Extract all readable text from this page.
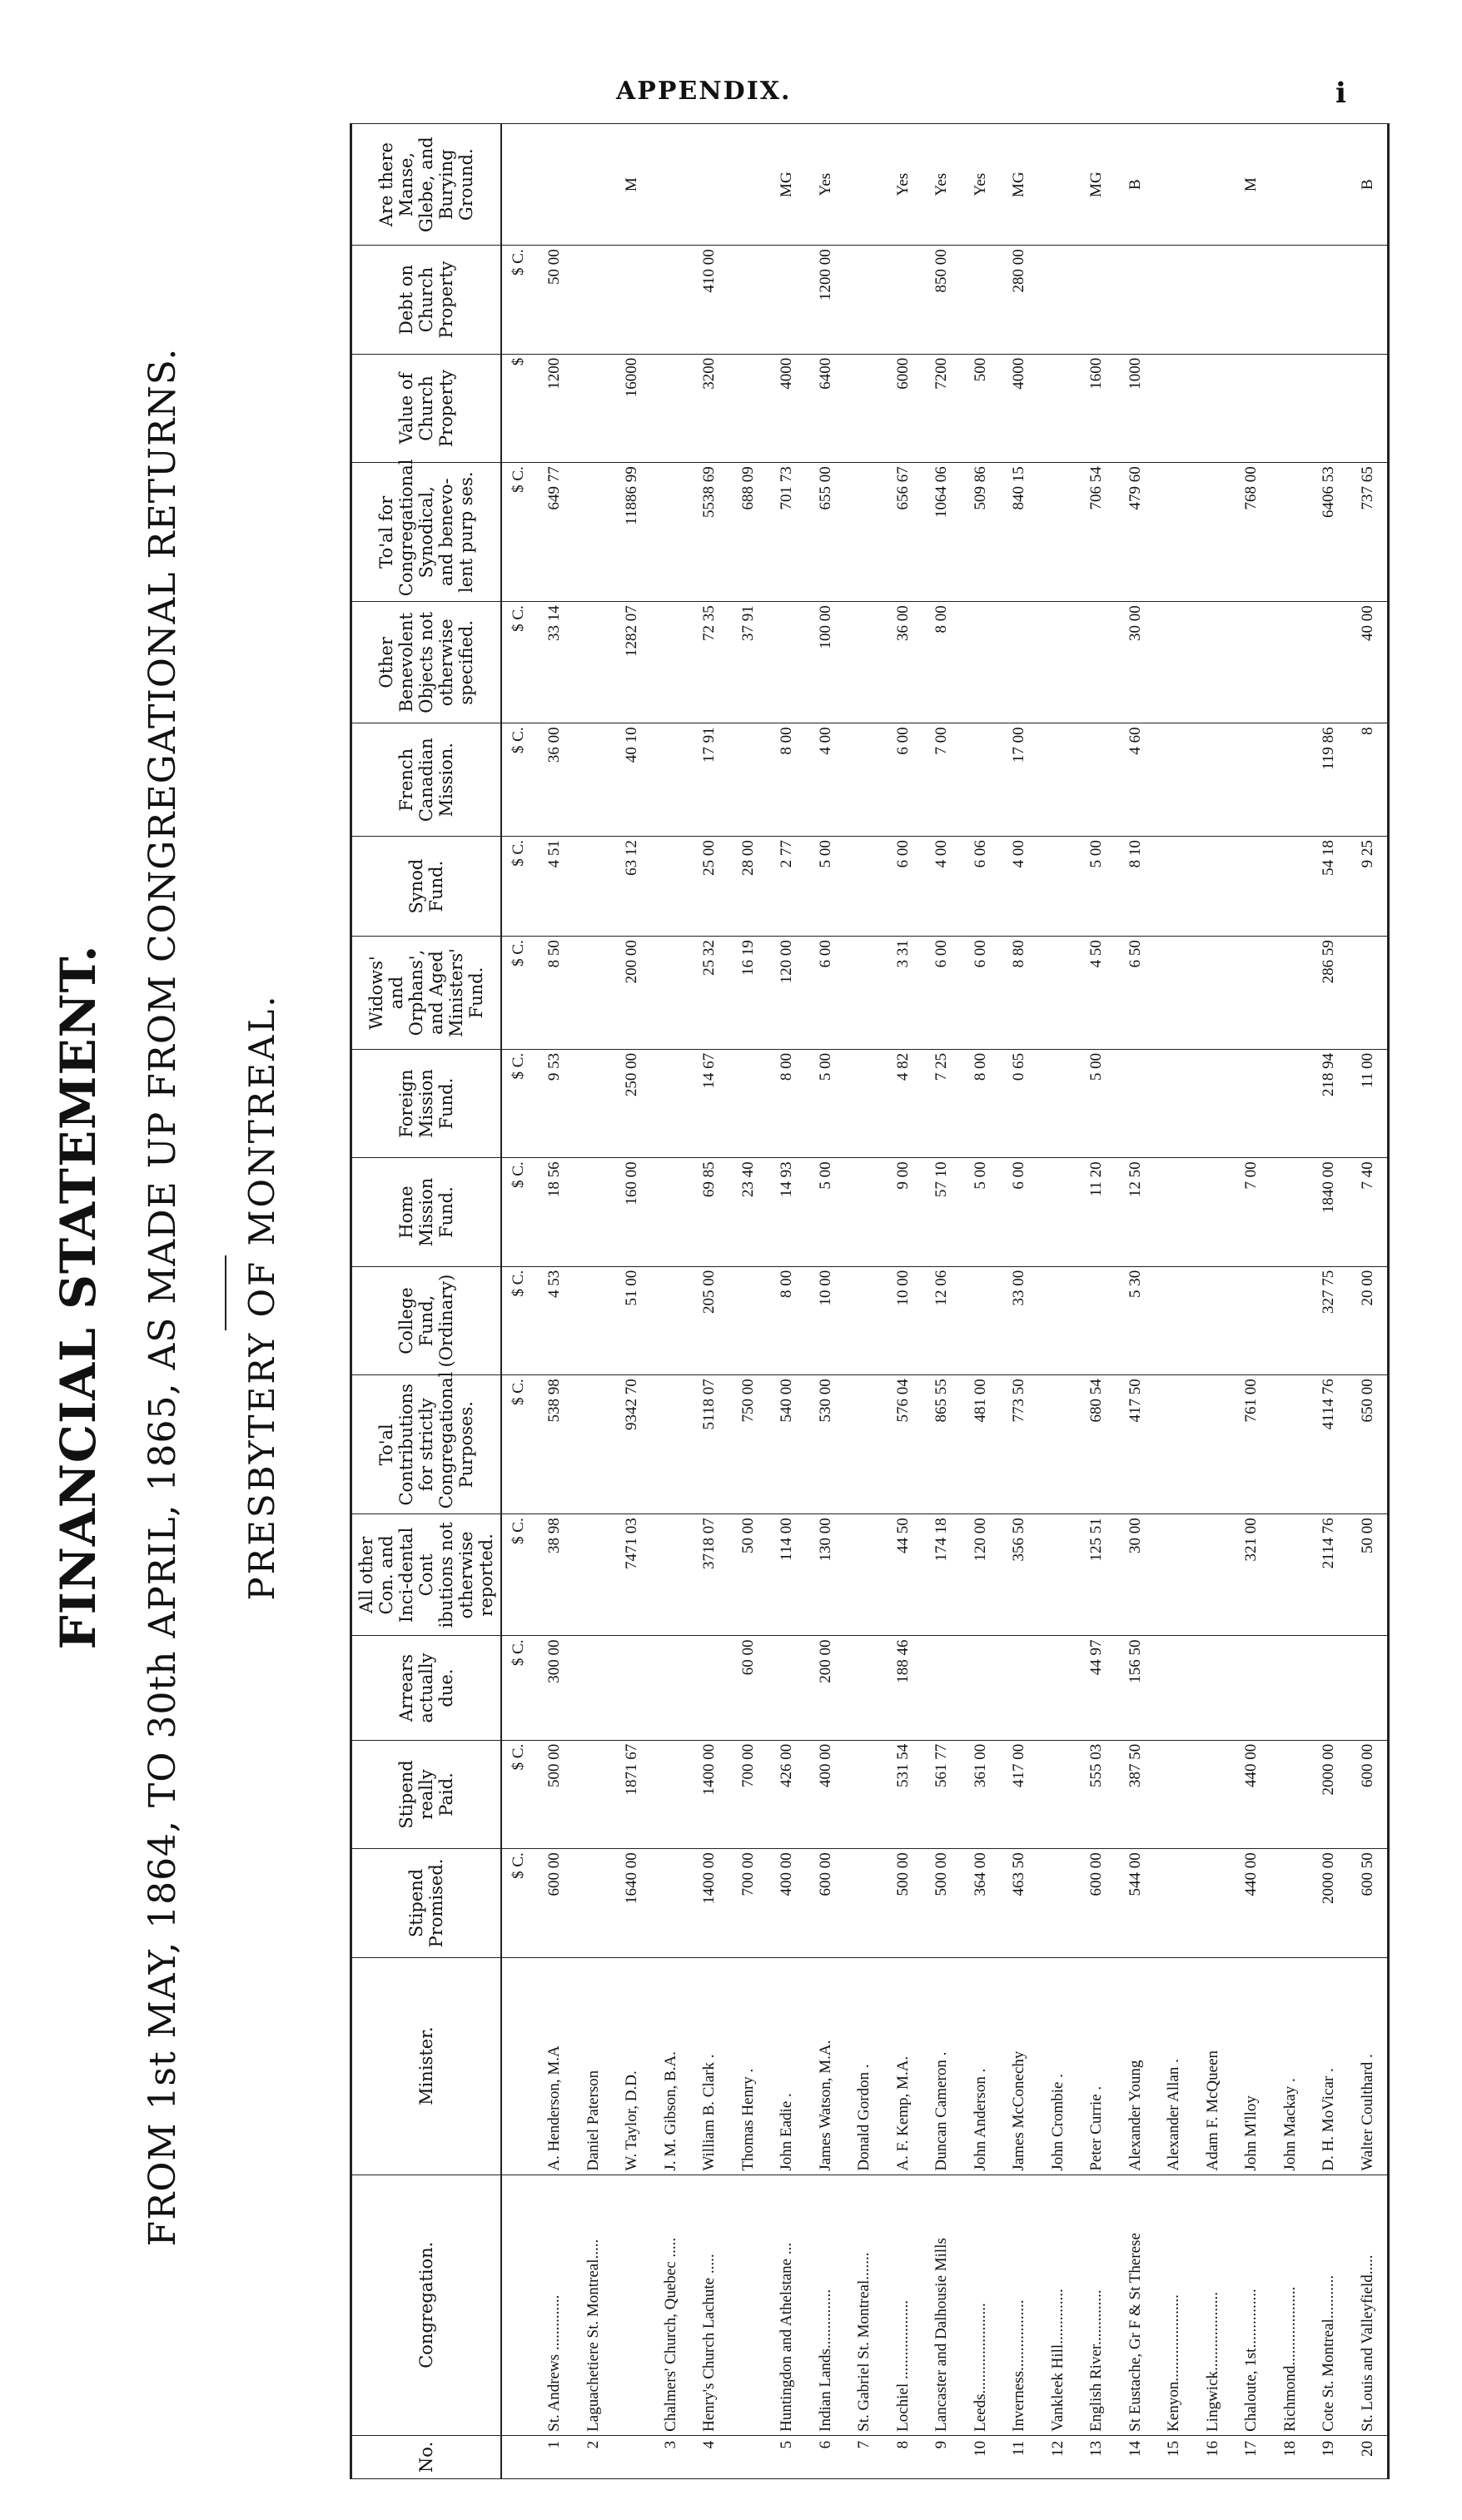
APPENDIX.	i
FINANCIAL STATEMENT. FROM 1st MAY, 1864, TO 30th APRIL, 1865, AS MADE UP FROM CONGREGATIONAL RETURNS. PRESBYTERY OF MONTREAL.
No.	Congregation.	Minister.	Stipend Promised.	Stipend really Paid.	Arrears actually due.	All other Con. and Inci-dental Cont ibutions not otherwise reported.	To'al Contributions for strictly Congregational Purposes.	College Fund, (Ordinary)	Home Mission Fund.	Foreign Mission Fund.	Widows' and Orphans', and Aged Ministers' Fund.	Synod Fund.	French Canadian Mission.	Other Benevolent Objects not otherwise specified.	To'al for Congregational Synodical, and benevo-lent purp ses.	Value of Church Property	Debt on Church Property	Are there Manse, Glebe, and Burying Ground.
			$ C.	$ C.	$ C.	$ C.	$ C.	$ C.	$ C.	$ C.	$ C.	$ C.	$ C.	$ C.	$ C.	$	$ C.	
1	St. Andrews ..............	A. Henderson, M.A	600 00	500 00	300 00	38 98	538 98	4 53	18 56	9 53	8 50	4 51	36 00	33 14	649 77	1200	50 00	
2	Laguachetiere St. Montreal.....	Daniel Paterson																
		W. Taylor, D.D.	1640 00	1871 67		7471 03	9342 70	51 00	160 00	250 00	200 00	63 12	40 10	1282 07	11886 99	16000		M
3	Chalmers' Church, Quebec .....	J. M. Gibson, B.A.																
4	Henry's Church Lachute .....	William B. Clark .	1400 00	1400 00		3718 07	5118 07	205 00	69 85	14 67	25 32	25 00	17 91	72 35	5538 69	3200	410 00	
		Thomas Henry .	700 00	700 00	60 00	50 00	750 00		23 40		16 19	28 00		37 91	688 09			
5	Huntingdon and Athelstane ...	John Eadie .	400 00	426 00		114 00	540 00	8 00	14 93	8 00	120 00	2 77	8 00		701 73	4000		MG
6	Indian Lands...............	James Watson, M.A.	600 00	400 00	200 00	130 00	530 00	10 00	5 00	5 00	6 00	5 00	4 00	100 00	655 00	6400	1200 00	Yes
7	St. Gabriel St. Montreal.......	Donald Gordon .																
8	Lochiel ....................	A. F. Kemp, M.A.	500 00	531 54	188 46	44 50	576 04	10 00	9 00	4 82	3 31	6 00	6 00	36 00	656 67	6000		Yes
9	Lancaster and Dalhousie Mills	Duncan Cameron .	500 00	561 77		174 18	865 55	12 06	57 10	7 25	6 00	4 00	7 00	8 00	1064 06	7200	850 00	Yes
10	Leeds.......................	John Anderson .	364 00	361 00		120 00	481 00		5 00	8 00	6 00	6 06			509 86	500		Yes
11	Inverness..................	James McConechy	463 50	417 00		356 50	773 50	33 00	6 00	0 65	8 80	4 00	17 00		840 15	4000	280 00	MG
12	Vankleek Hill..............	John Crombie .																
13	English River..............	Peter Currie .	600 00	555 03	44 97	125 51	680 54		11 20	5 00	4 50	5 00			706 54	1600		MG
14	St Eustache, Gr F & St Therese	Alexander Young	544 00	387 50	156 50	30 00	417 50	5 30	12 50		6 50	8 10	4 60	30 00	479 60	1000		B
15	Kenyon......................	Alexander Allan .																
16	Lingwick....................	Adam F. McQueen																
17	Chaloute, 1st...............	John M'lloy	440 00	440 00		321 00	761 00		7 00						768 00			M
18	Richmond....................	John Mackay .																
19	Cote St. Montreal...........	D. H. MoVicar .	2000 00	2000 00		2114 76	4114 76	327 75	1840 00	218 94	286 59	54 18	119 86		6406 53			
20	St. Louis and Valleyfield.....	Walter Coulthard .	600 50	600 00		50 00	650 00	20 00	7 40	11 00		9 25	8	40 00	737 65			B
